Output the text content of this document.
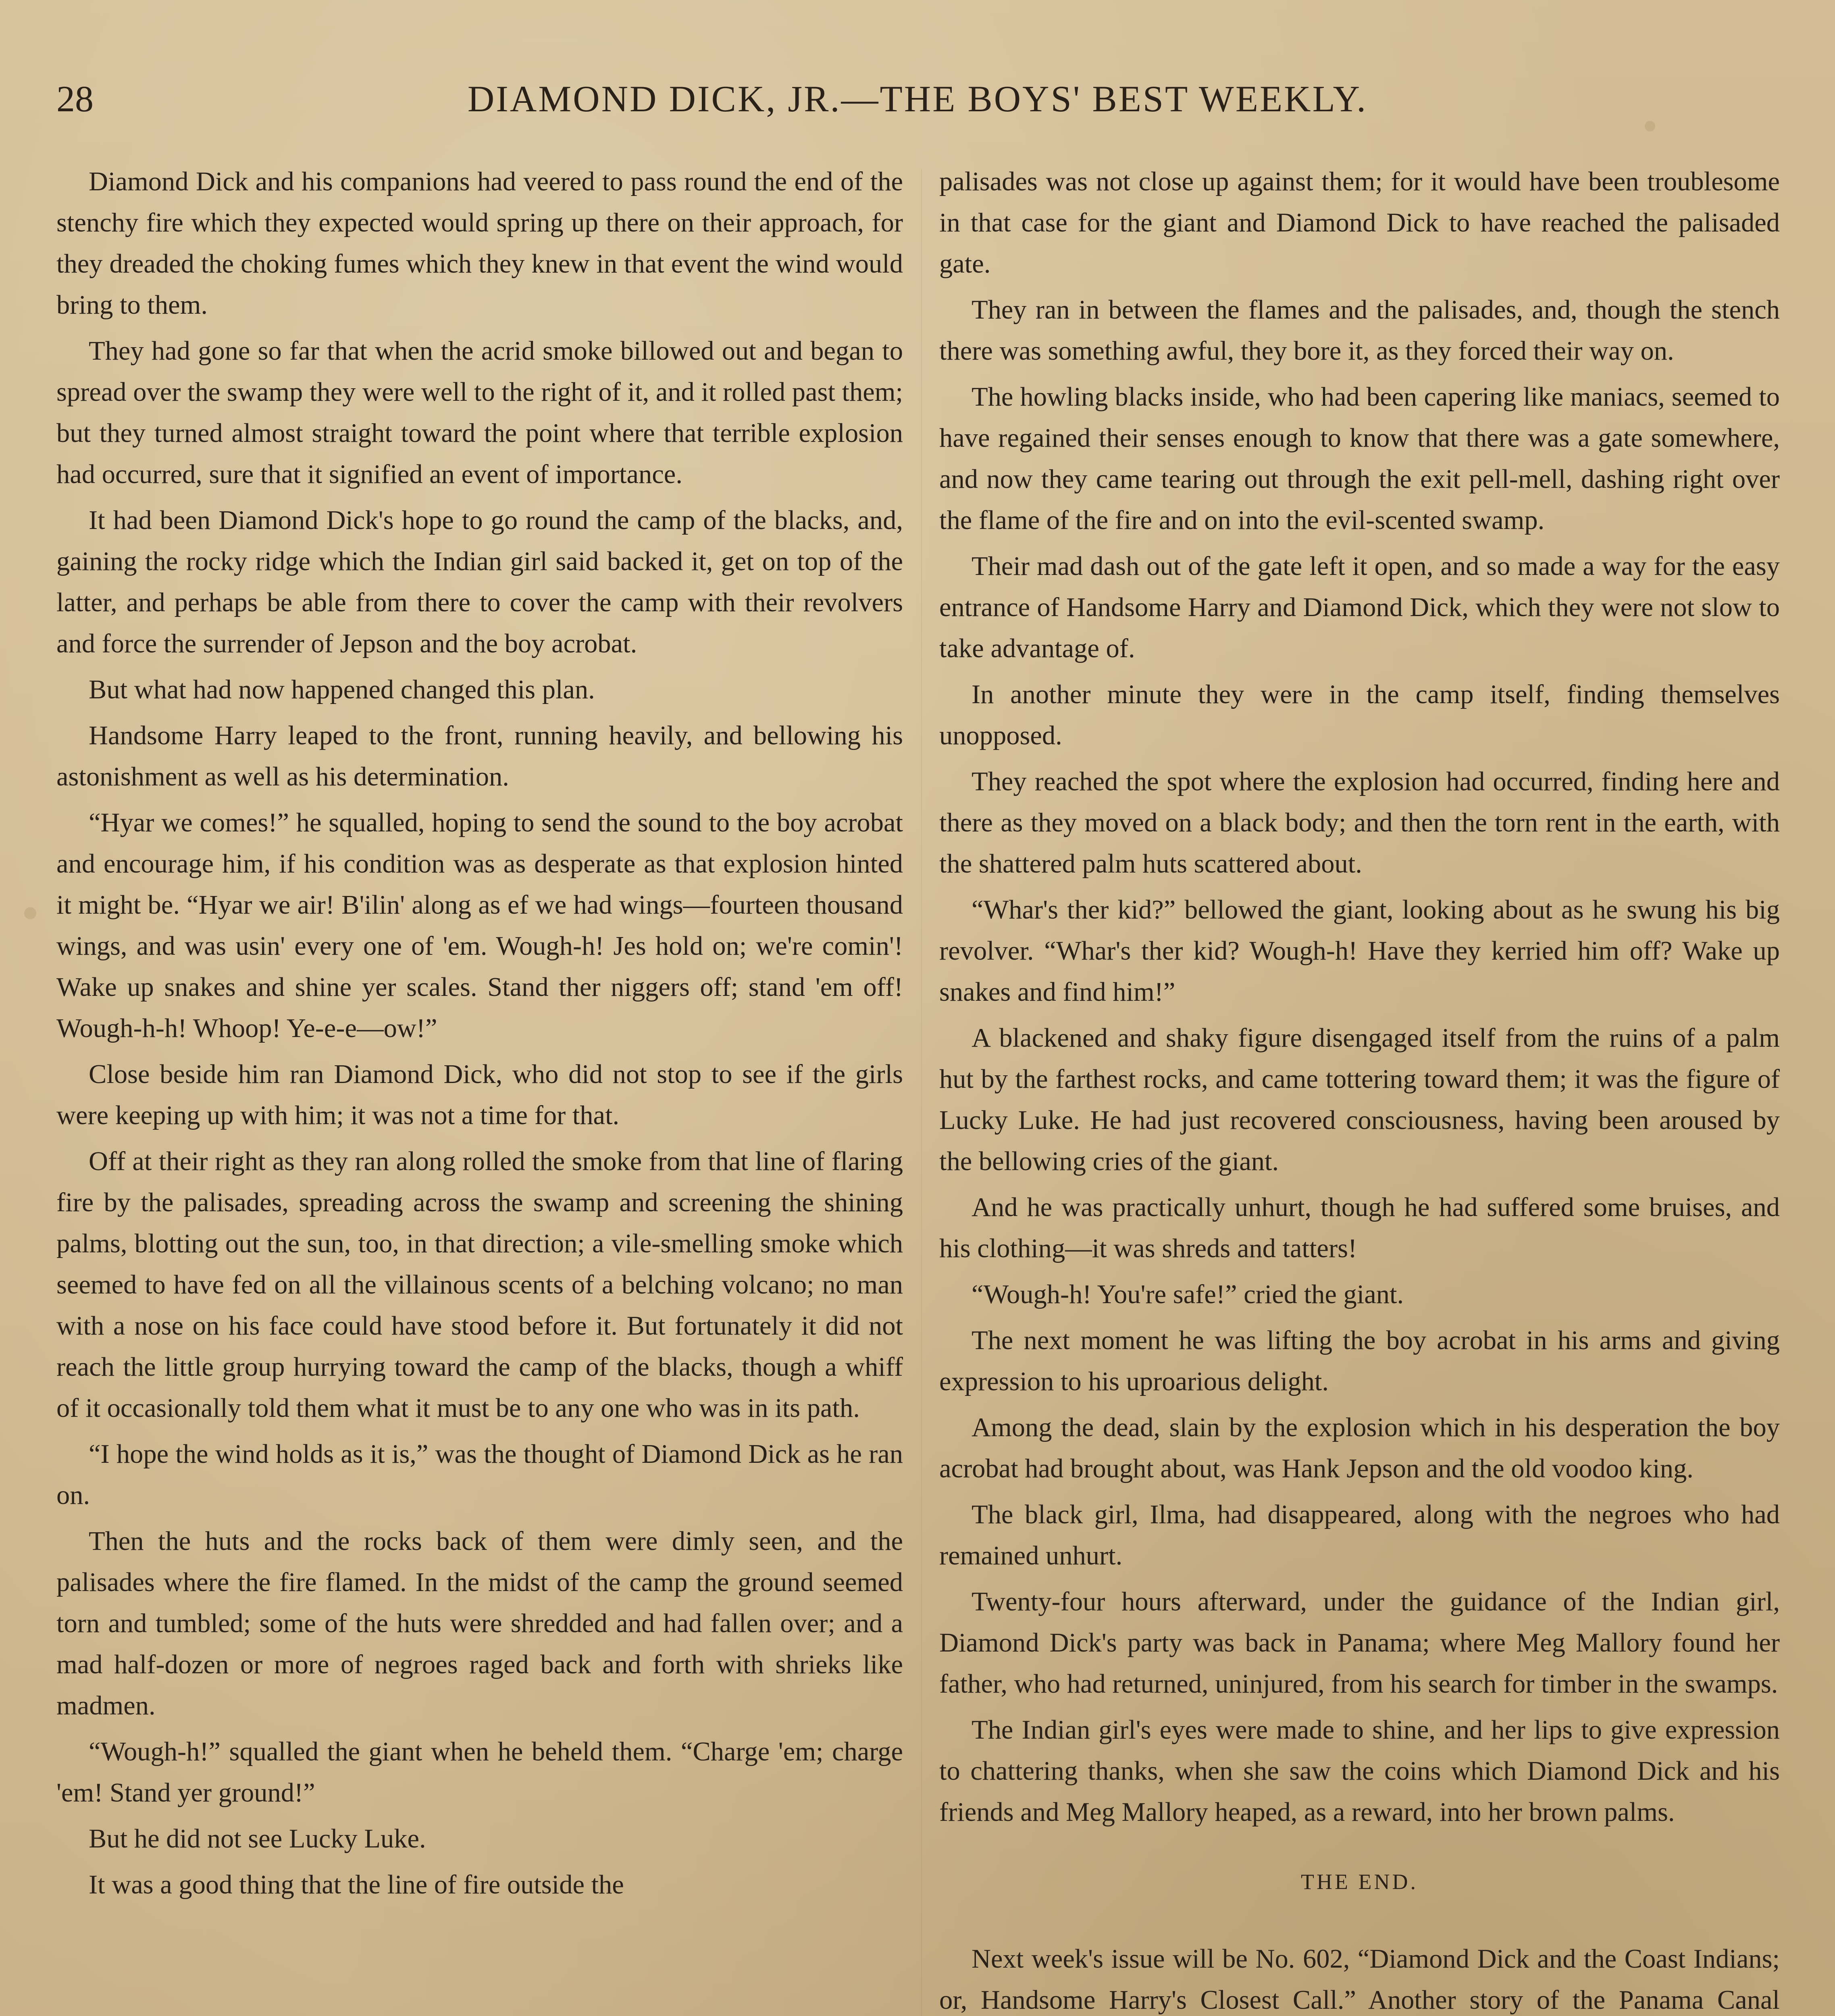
28	DIAMOND DICK, JR.—THE BOYS' BEST WEEKLY.

Diamond Dick and his companions had veered to pass round the end of the stenchy fire which they expected would spring up there on their approach, for they dreaded the choking fumes which they knew in that event the wind would bring to them.

They had gone so far that when the acrid smoke billowed out and began to spread over the swamp they were well to the right of it, and it rolled past them; but they turned almost straight toward the point where that terrible explosion had occurred, sure that it signified an event of importance.

It had been Diamond Dick's hope to go round the camp of the blacks, and, gaining the rocky ridge which the Indian girl said backed it, get on top of the latter, and perhaps be able from there to cover the camp with their revolvers and force the surrender of Jepson and the boy acrobat.

But what had now happened changed this plan.

Handsome Harry leaped to the front, running heavily, and bellowing his astonishment as well as his determination.

“Hyar we comes!” he squalled, hoping to send the sound to the boy acrobat and encourage him, if his condition was as desperate as that explosion hinted it might be. “Hyar we air! B'ilin' along as ef we had wings—fourteen thousand wings, and was usin' every one of 'em. Wough-h! Jes hold on; we're comin'! Wake up snakes and shine yer scales. Stand ther niggers off; stand 'em off! Wough-h-h! Whoop! Ye-e-e—ow!”

Close beside him ran Diamond Dick, who did not stop to see if the girls were keeping up with him; it was not a time for that.

Off at their right as they ran along rolled the smoke from that line of flaring fire by the palisades, spreading across the swamp and screening the shining palms, blotting out the sun, too, in that direction; a vile-smelling smoke which seemed to have fed on all the villainous scents of a belching volcano; no man with a nose on his face could have stood before it. But fortunately it did not reach the little group hurrying toward the camp of the blacks, though a whiff of it occasionally told them what it must be to any one who was in its path.

“I hope the wind holds as it is,” was the thought of Diamond Dick as he ran on.

Then the huts and the rocks back of them were dimly seen, and the palisades where the fire flamed. In the midst of the camp the ground seemed torn and tumbled; some of the huts were shredded and had fallen over; and a mad half-dozen or more of negroes raged back and forth with shrieks like madmen.

“Wough-h!” squalled the giant when he beheld them. “Charge 'em; charge 'em! Stand yer ground!”

But he did not see Lucky Luke.

It was a good thing that the line of fire outside the

palisades was not close up against them; for it would have been troublesome in that case for the giant and Diamond Dick to have reached the palisaded gate.

They ran in between the flames and the palisades, and, though the stench there was something awful, they bore it, as they forced their way on.

The howling blacks inside, who had been capering like maniacs, seemed to have regained their senses enough to know that there was a gate somewhere, and now they came tearing out through the exit pell-mell, dashing right over the flame of the fire and on into the evil-scented swamp.

Their mad dash out of the gate left it open, and so made a way for the easy entrance of Handsome Harry and Diamond Dick, which they were not slow to take advantage of.

In another minute they were in the camp itself, finding themselves unopposed.

They reached the spot where the explosion had occurred, finding here and there as they moved on a black body; and then the torn rent in the earth, with the shattered palm huts scattered about.

“Whar's ther kid?” bellowed the giant, looking about as he swung his big revolver. “Whar's ther kid? Wough-h! Have they kerried him off? Wake up snakes and find him!”

A blackened and shaky figure disengaged itself from the ruins of a palm hut by the farthest rocks, and came tottering toward them; it was the figure of Lucky Luke. He had just recovered consciousness, having been aroused by the bellowing cries of the giant.

And he was practically unhurt, though he had suffered some bruises, and his clothing—it was shreds and tatters!

“Wough-h! You're safe!” cried the giant.

The next moment he was lifting the boy acrobat in his arms and giving expression to his uproarious delight.

Among the dead, slain by the explosion which in his desperation the boy acrobat had brought about, was Hank Jepson and the old voodoo king.

The black girl, Ilma, had disappeared, along with the negroes who had remained unhurt.

Twenty-four hours afterward, under the guidance of the Indian girl, Diamond Dick's party was back in Panama; where Meg Mallory found her father, who had returned, uninjured, from his search for timber in the swamps.

The Indian girl's eyes were made to shine, and her lips to give expression to chattering thanks, when she saw the coins which Diamond Dick and his friends and Meg Mallory heaped, as a reward, into her brown palms.

THE END.

Next week's issue will be No. 602, “Diamond Dick and the Coast Indians; or, Handsome Harry's Closest Call.” Another story of the Panama Canal
